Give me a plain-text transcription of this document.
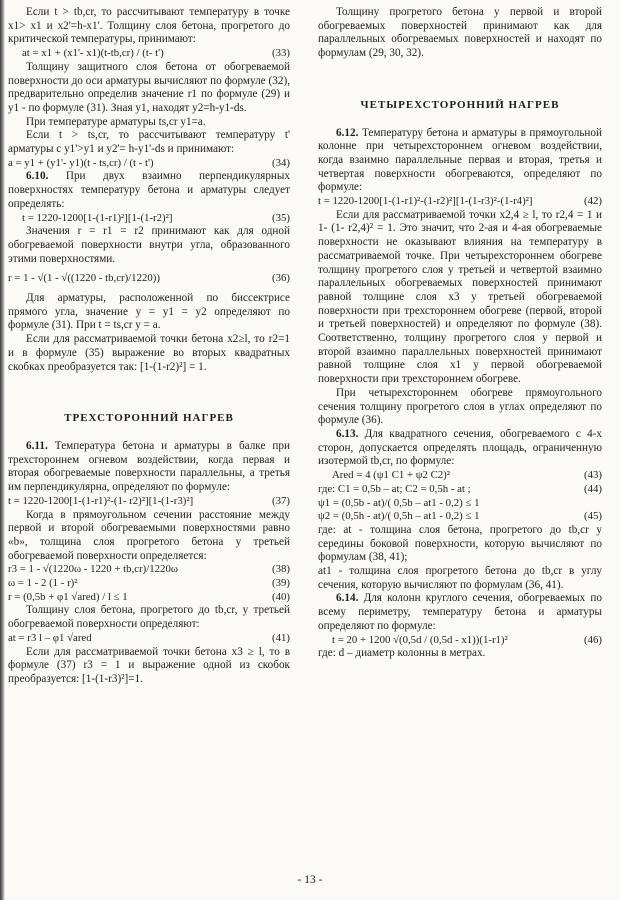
Если t > tb,cr, то рассчитывают температуру в точке x1> x1 и x2'=h-x1'. Толщину слоя бетона, прогретого до критической температуры, принимают:

at = x1 + (x1'- x1)(t-tb,cr) / (t- t')	(33)

Толщину защитного слоя бетона от обогреваемой поверхности до оси арматуры вычисляют по формуле (32), предварительно определив значение r1 по формуле (29) и y1 - по формуле (31). Зная y1, находят y2=h-y1-ds.

При температуре арматуры ts,cr y1=a.

Если t > ts,cr, то рассчитывают температуру t' арматуры с y1'>y1 и y2'= h-y1'-ds и принимают:

a = y1 + (y1'- y1)(t - ts,cr) / (t - t')	(34)

6.10. При двух взаимно перпендикулярных поверхностях температуру бетона и арматуры следует определять:

t = 1220-1200[1-(1-r1)²][1-(1-r2)²]	(35)

Значения r = r1 = r2 принимают как для одной обогреваемой поверхности внутри угла, образованного этими поверхностями.

r = 1 - √(1 - √((1220 - tb,cr)/1220))	(36)

Для арматуры, расположенной по биссектрисе прямого угла, значение y = y1 = y2 определяют по формуле (31). При t = ts,cr y = a.

Если для рассматриваемой точки бетона x2≥l, то r2=1 и в формуле (35) выражение во вторых квадратных скобках преобразуется так: [1-(1-r2)²] = 1.

ТРЕХСТОРОННИЙ НАГРЕВ

6.11. Температура бетона и арматуры в балке при трехстороннем огневом воздействии, когда первая и вторая обогреваемые поверхности параллельны, а третья им перпендикулярна, определяют по формуле:

t = 1220-1200[1-(1-r1)²-(1- r2)²][1-(1-r3)²]	(37)

Когда в прямоугольном сечении расстояние между первой и второй обогреваемыми поверхностями равно «b», толщина слоя прогретого бетона у третьей обогреваемой поверхности определяется:

r3 = 1 - √(1220ω - 1220 + tb,cr)/1220ω	(38)
ω = 1 - 2 (1 - r)²	(39)
r = (0,5b + φ1 √ared) / l ≤ 1	(40)

Толщину слоя бетона, прогретого до tb,cr, у третьей обогреваемой поверхности определяют:

at = r3 l – φ1 √ared	(41)

Если для рассматриваемой точки бетона x3 ≥ l, то в формуле (37) r3 = 1 и выражение одной из скобок преобразуется: [1-(1-r3)²]=1.

Толщину прогретого бетона у первой и второй обогреваемых поверхностей принимают как для параллельных обогреваемых поверхностей и находят по формулам (29, 30, 32).

ЧЕТЫРЕХСТОРОННИЙ НАГРЕВ

6.12. Температуру бетона и арматуры в прямоугольной колонне при четырехстороннем огневом воздействии, когда взаимно параллельные первая и вторая, третья и четвертая поверхности обогреваются, определяют по формуле:

t = 1220-1200[1-(1-r1)²-(1-r2)²][1-(1-r3)²-(1-r4)²]	(42)

Если для рассматриваемой точки x2,4 ≥ l, то r2,4 = 1 и 1- (1- r2,4)² = 1. Это значит, что 2-ая и 4-ая обогреваемые поверхности не оказывают влияния на температуру в рассматриваемой точке. При четырехстороннем обогреве толщину прогретого слоя у третьей и четвертой взаимно параллельных обогреваемых поверхностей принимают равной толщине слоя x3 у третьей обогреваемой поверхности при трехстороннем обогреве (первой, второй и третьей поверхностей) и определяют по формуле (38). Соответственно, толщину прогретого слоя у первой и второй взаимно параллельных поверхностей принимают равной толщине слоя x1 у первой обогреваемой поверхности при трехстороннем обогреве.

При четырехстороннем обогреве прямоугольного сечения толщину прогретого слоя в углах определяют по формуле (36).

6.13. Для квадратного сечения, обогреваемого с 4-х сторон, допускается определять площадь, ограниченную изотермой tb,cr, по формуле:

Ared = 4 (ψ1 C1 + ψ2 C2)²	(43)
где: C1 = 0,5b – at; C2 = 0,5h - at ;	(44)
ψ1 = (0,5b - at)/( 0,5b – at1 - 0,2) ≤ 1
ψ2 = (0,5h - at)/( 0,5h – at1 - 0,2) ≤ 1	(45)

где: at - толщина слоя бетона, прогретого до tb,cr у середины боковой поверхности, которую вычисляют по формулам (38, 41);

at1 - толщина слоя прогретого бетона до tb,cr в углу сечения, которую вычисляют по формулам (36, 41).

6.14. Для колонн круглого сечения, обогреваемых по всему периметру, температуру бетона и арматуры определяют по формуле:

t = 20 + 1200 √(0,5d / (0,5d - x1))(1-r1)²	(46)

где: d – диаметр колонны в метрах.

- 13 -
